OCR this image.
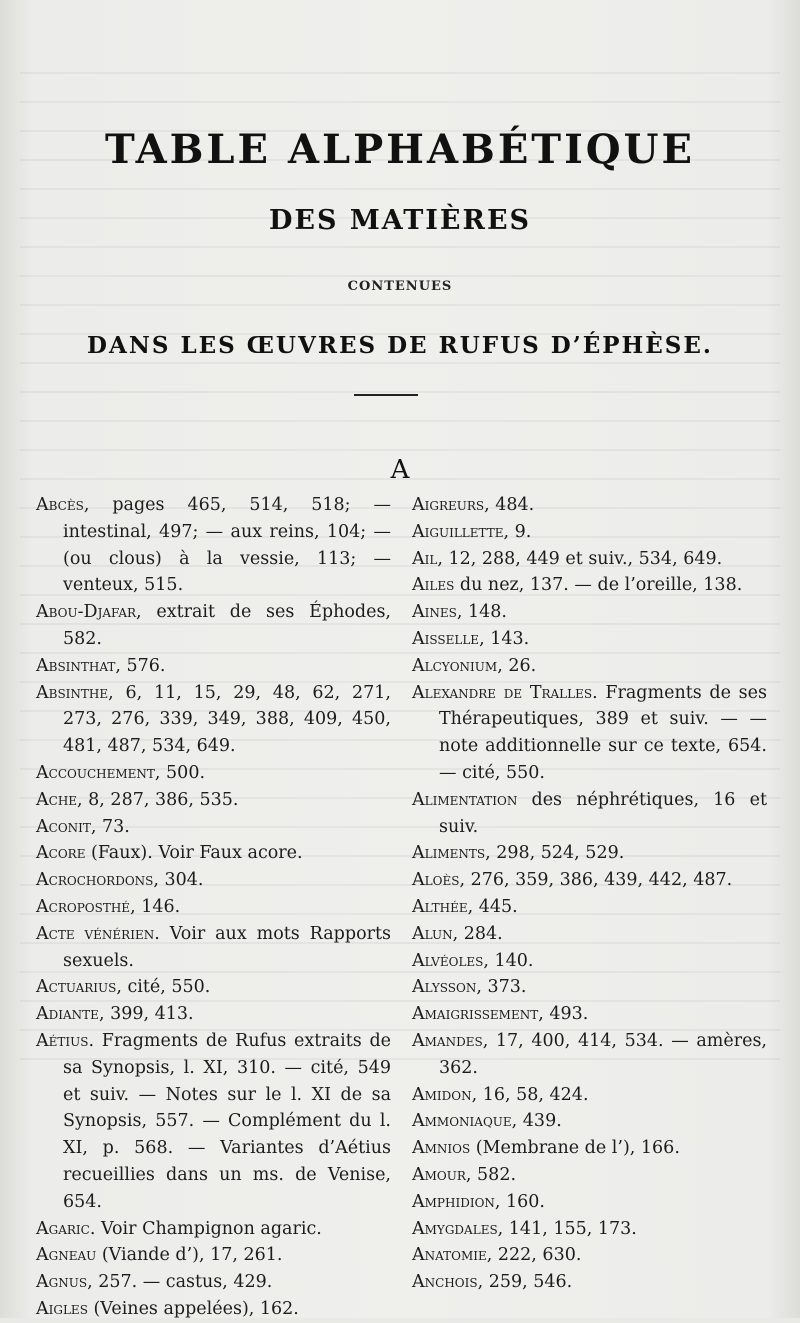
TABLE ALPHABÉTIQUE
DES MATIÈRES
CONTENUES
DANS LES ŒUVRES DE RUFUS D’ÉPHÈSE.
A
Abcès, pages 465, 514, 518; — intestinal, 497; — aux reins, 104; — (ou clous) à la vessie, 113; — venteux, 515.
Abou-Djafar, extrait de ses Éphodes, 582.
Absinthat, 576.
Absinthe, 6, 11, 15, 29, 48, 62, 271, 273, 276, 339, 349, 388, 409, 450, 481, 487, 534, 649.
Accouchement, 500.
Ache, 8, 287, 386, 535.
Aconit, 73.
Acore (Faux). Voir Faux acore.
Acrochordons, 304.
Acroposthé, 146.
Acte vénérien. Voir aux mots Rapports sexuels.
Actuarius, cité, 550.
Adiante, 399, 413.
Aétius. Fragments de Rufus extraits de sa Synopsis, l. XI, 310. — cité, 549 et suiv. — Notes sur le l. XI de sa Synopsis, 557. — Complément du l. XI, p. 568. — Variantes d’Aétius recueillies dans un ms. de Venise, 654.
Agaric. Voir Champignon agaric.
Agneau (Viande d’), 17, 261.
Agnus, 257. — castus, 429.
Aigles (Veines appelées), 162.
Aigreurs, 484.
Aiguillette, 9.
Ail, 12, 288, 449 et suiv., 534, 649.
Ailes du nez, 137. — de l’oreille, 138.
Aines, 148.
Aisselle, 143.
Alcyonium, 26.
Alexandre de Tralles. Fragments de ses Thérapeutiques, 389 et suiv. — — note additionnelle sur ce texte, 654. — cité, 550.
Alimentation des néphrétiques, 16 et suiv.
Aliments, 298, 524, 529.
Aloès, 276, 359, 386, 439, 442, 487.
Althée, 445.
Alun, 284.
Alvéoles, 140.
Alysson, 373.
Amaigrissement, 493.
Amandes, 17, 400, 414, 534. — amères, 362.
Amidon, 16, 58, 424.
Ammoniaque, 439.
Amnios (Membrane de l’), 166.
Amour, 582.
Amphidion, 160.
Amygdales, 141, 155, 173.
Anatomie, 222, 630.
Anchois, 259, 546.
